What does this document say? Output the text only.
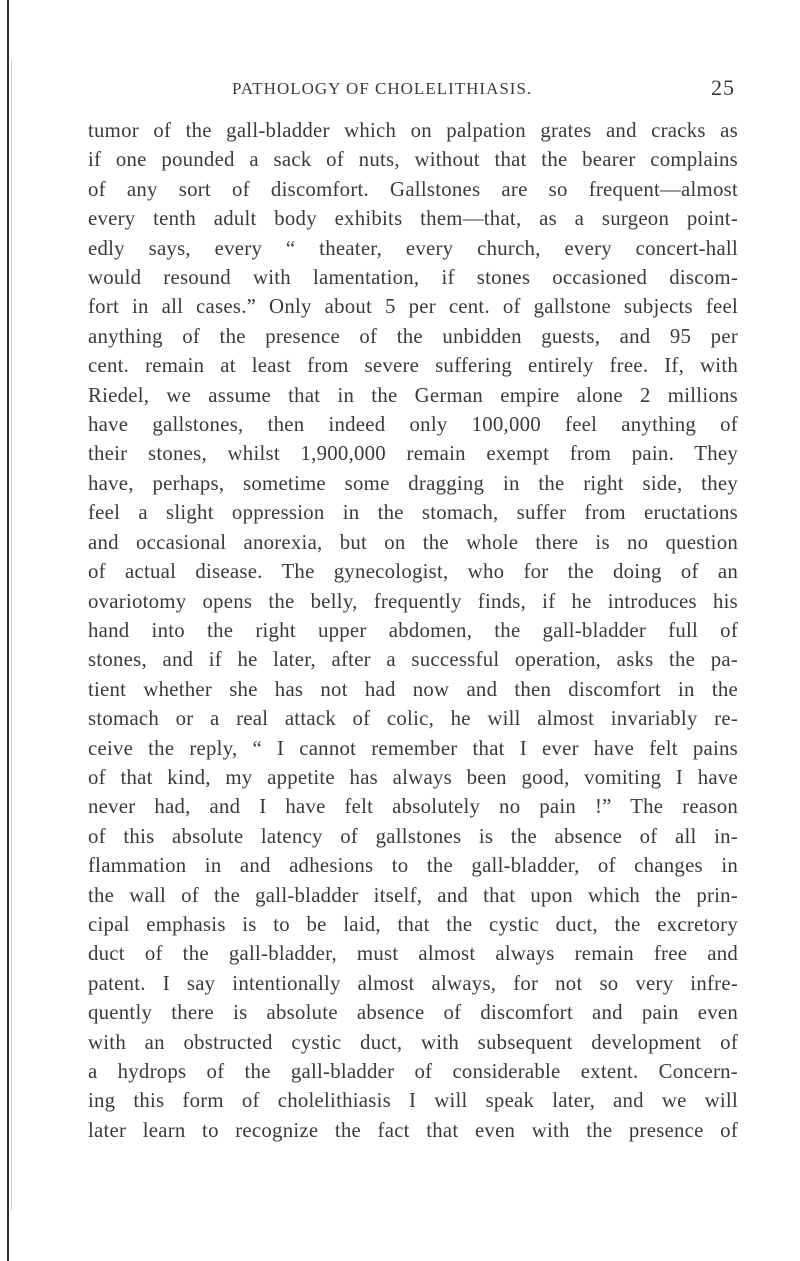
PATHOLOGY OF CHOLELITHIASIS.	25
tumor of the gall-bladder which on palpation grates and cracks as
if one pounded a sack of nuts, without that the bearer complains
of any sort of discomfort. Gallstones are so frequent—almost
every tenth adult body exhibits them—that, as a surgeon point-
edly says, every “ theater, every church, every concert-hall
would resound with lamentation, if stones occasioned discom-
fort in all cases.” Only about 5 per cent. of gallstone subjects feel
anything of the presence of the unbidden guests, and 95 per
cent. remain at least from severe suffering entirely free. If, with
Riedel, we assume that in the German empire alone 2 millions
have gallstones, then indeed only 100,000 feel anything of
their stones, whilst 1,900,000 remain exempt from pain. They
have, perhaps, sometime some dragging in the right side, they
feel a slight oppression in the stomach, suffer from eructations
and occasional anorexia, but on the whole there is no question
of actual disease. The gynecologist, who for the doing of an
ovariotomy opens the belly, frequently finds, if he introduces his
hand into the right upper abdomen, the gall-bladder full of
stones, and if he later, after a successful operation, asks the pa-
tient whether she has not had now and then discomfort in the
stomach or a real attack of colic, he will almost invariably re-
ceive the reply, “ I cannot remember that I ever have felt pains
of that kind, my appetite has always been good, vomiting I have
never had, and I have felt absolutely no pain !” The reason
of this absolute latency of gallstones is the absence of all in-
flammation in and adhesions to the gall-bladder, of changes in
the wall of the gall-bladder itself, and that upon which the prin-
cipal emphasis is to be laid, that the cystic duct, the excretory
duct of the gall-bladder, must almost always remain free and
patent. I say intentionally almost always, for not so very infre-
quently there is absolute absence of discomfort and pain even
with an obstructed cystic duct, with subsequent development of
a hydrops of the gall-bladder of considerable extent. Concern-
ing this form of cholelithiasis I will speak later, and we will
later learn to recognize the fact that even with the presence of
